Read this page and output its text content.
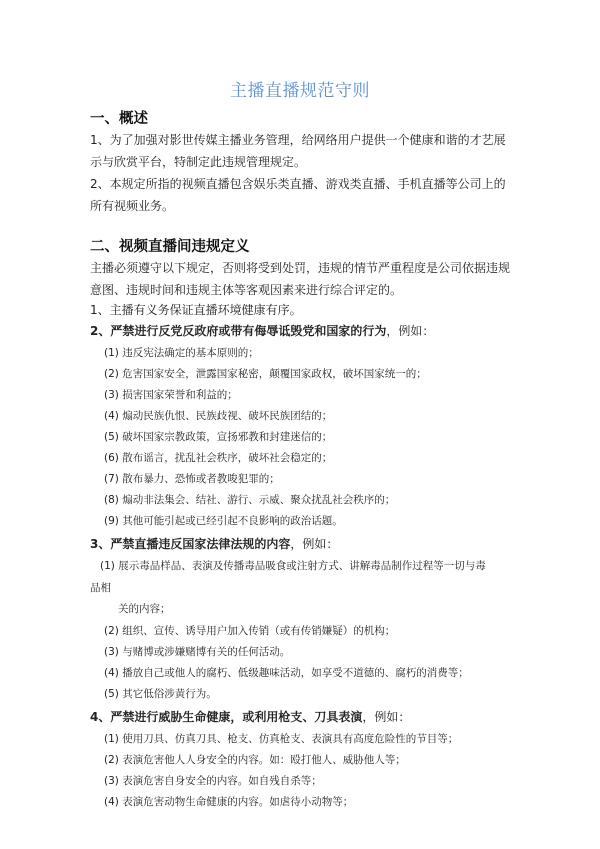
主播直播规范守则
一、概述
1、为了加强对影世传媒主播业务管理，给网络用户提供一个健康和谐的才艺展
示与欣赏平台，特制定此违规管理规定。
2、本规定所指的视频直播包含娱乐类直播、游戏类直播、手机直播等公司上的
所有视频业务。
二、视频直播间违规定义
主播必须遵守以下规定，否则将受到处罚，违规的情节严重程度是公司依据违规
意图、违规时间和违规主体等客观因素来进行综合评定的。
1、主播有义务保证直播环境健康有序。
2、严禁进行反党反政府或带有侮辱诋毁党和国家的行为，例如：
(1) 违反宪法确定的基本原则的；
(2) 危害国家安全，泄露国家秘密，颠覆国家政权，破坏国家统一的；
(3) 损害国家荣誉和利益的；
(4) 煽动民族仇恨、民族歧视、破坏民族团结的；
(5) 破坏国家宗教政策，宣扬邪教和封建迷信的；
(6) 散布谣言，扰乱社会秩序，破坏社会稳定的；
(7) 散布暴力、恐怖或者教唆犯罪的；
(8) 煽动非法集会、结社、游行、示威、聚众扰乱社会秩序的；
(9) 其他可能引起或已经引起不良影响的政治话题。
3、严禁直播违反国家法律法规的内容，例如：
(1) 展示毒品样品、表演及传播毒品吸食或注射方式、讲解毒品制作过程等一切与毒
品相
关的内容；
(2) 组织、宣传、诱导用户加入传销（或有传销嫌疑）的机构；
(3) 与赌博或涉嫌赌博有关的任何活动。
(4) 播放自己或他人的腐朽、低级趣味活动，如享受不道德的、腐朽的消费等；
(5) 其它低俗涉黄行为。
4、严禁进行威胁生命健康，或利用枪支、刀具表演，例如：
(1) 使用刀具、仿真刀具、枪支、仿真枪支、表演具有高度危险性的节目等；
(2) 表演危害他人人身安全的内容。如：殴打他人、威胁他人等；
(3) 表演危害自身安全的内容。如自残自杀等；
(4) 表演危害动物生命健康的内容。如虐待小动物等；
